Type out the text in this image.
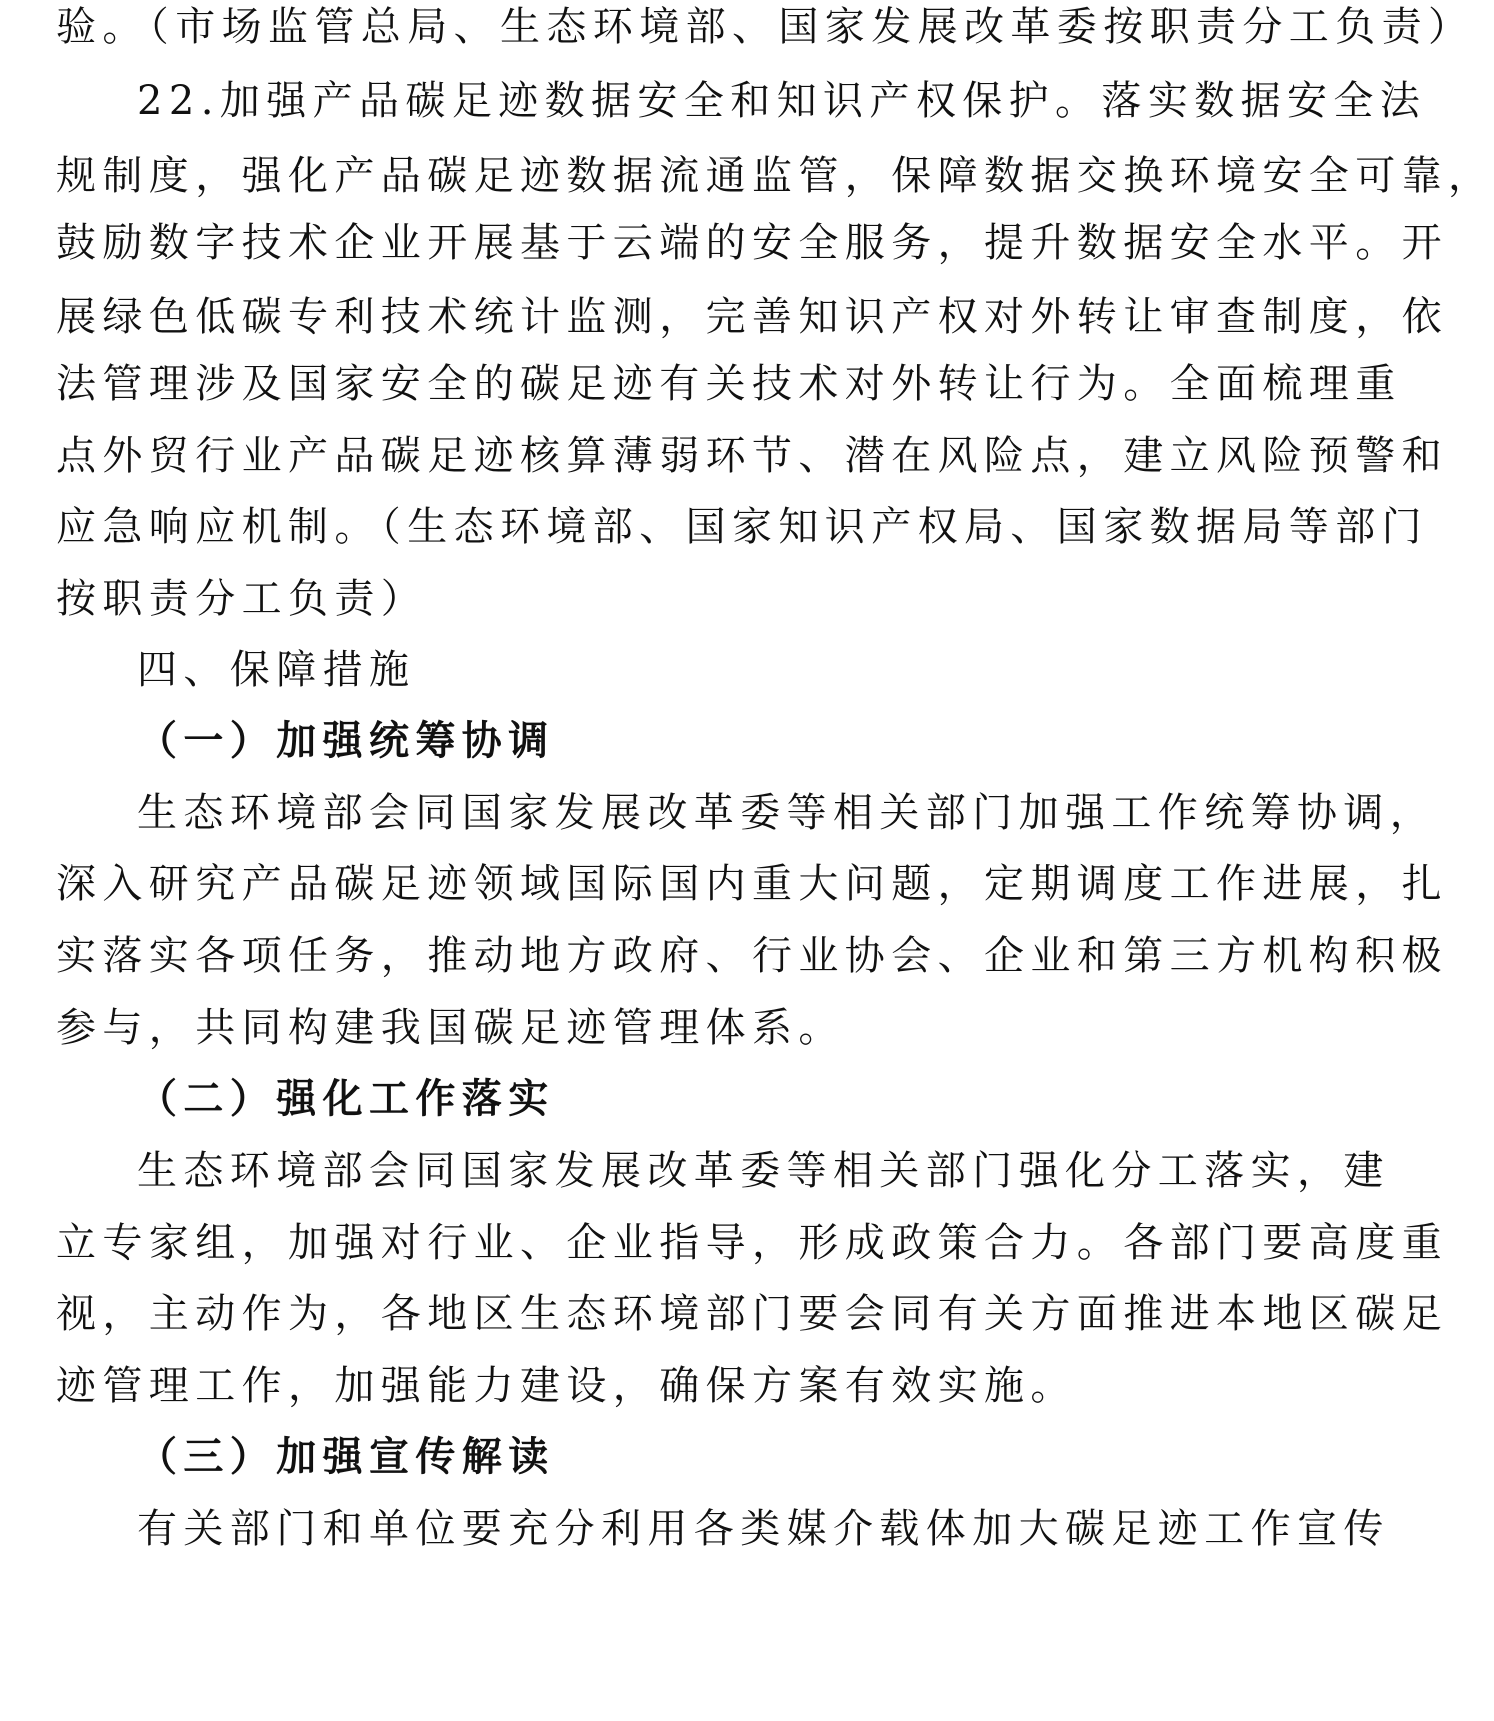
验。（市场监管总局、生态环境部、国家发展改革委按职责分工负责）
22.加强产品碳足迹数据安全和知识产权保护。落实数据安全法
规制度，强化产品碳足迹数据流通监管，保障数据交换环境安全可靠，
鼓励数字技术企业开展基于云端的安全服务，提升数据安全水平。开
展绿色低碳专利技术统计监测，完善知识产权对外转让审查制度，依
法管理涉及国家安全的碳足迹有关技术对外转让行为。全面梳理重
点外贸行业产品碳足迹核算薄弱环节、潜在风险点，建立风险预警和
应急响应机制。（生态环境部、国家知识产权局、国家数据局等部门
按职责分工负责）
四、保障措施
（一）加强统筹协调
生态环境部会同国家发展改革委等相关部门加强工作统筹协调，
深入研究产品碳足迹领域国际国内重大问题，定期调度工作进展，扎
实落实各项任务，推动地方政府、行业协会、企业和第三方机构积极
参与，共同构建我国碳足迹管理体系。
（二）强化工作落实
生态环境部会同国家发展改革委等相关部门强化分工落实，建
立专家组，加强对行业、企业指导，形成政策合力。各部门要高度重
视，主动作为，各地区生态环境部门要会同有关方面推进本地区碳足
迹管理工作，加强能力建设，确保方案有效实施。
（三）加强宣传解读
有关部门和单位要充分利用各类媒介载体加大碳足迹工作宣传
